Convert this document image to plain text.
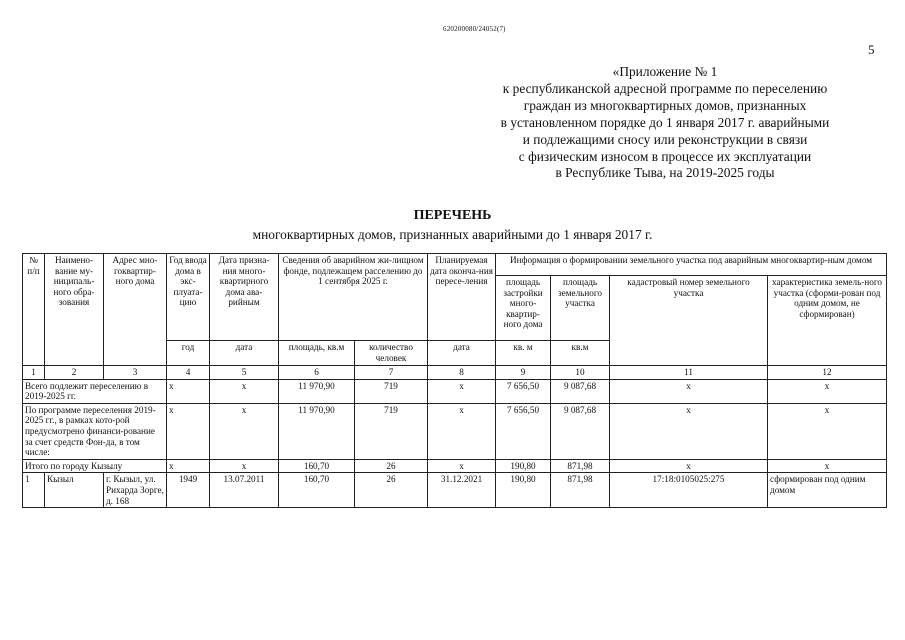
620200080/24052(7)
5
«Приложение № 1
к республиканской адресной программе по переселению
граждан из многоквартирных домов, признанных
в установленном порядке до 1 января 2017 г. аварийными
и подлежащими сносу или реконструкции в связи
с физическим износом в процессе их эксплуатации
в Республике Тыва, на 2019-2025 годы
ПЕРЕЧЕНЬ
многоквартирных домов, признанных аварийными до 1 января 2017 г.
№ п/п	Наимено-вание му-ниципаль-ного обра-зования	Адрес мно-гоквартир-ного дома	Год ввода дома в экс-плуата-цию	Дата призна-ния много-квартирного дома ава-рийным	Сведения об аварийном жи-лищном фонде, подлежащем расселению до 1 сентября 2025 г.		Планируемая дата оконча-ния пересе-ления	Информация о формировании земельного участка под аварийным многоквартир-ным домом			
								площадь застройки много-квартир-ного дома	площадь земельного участка	кадастровый номер земельного участка	характеристика земель-ного участка (сформи-рован под одним домом, не сформирован)
			год	дата	площадь, кв.м	количество человек	дата	кв. м	кв.м		
1	2	3	4	5	6	7	8	9	10	11	12
Всего подлежит переселению в 2019-2025 гг.			х	х	11 970,90	719	х	7 656,50	9 087,68	х	х

По программе переселения 2019-2025 гг., в рамках кото-рой предусмотрено финанси-рование за счет средств Фон-да, в том числе:			х	х	11 970,90	719	х	7 656,50	9 087,68	х	х
Итого по городу Кызылу			х	х	160,70	26	х	190,80	871,98	х	х
1	Кызыл	г. Кызыл, ул. Рихарда Зорге, д. 168	1949	13.07.2011	160,70	26	31.12.2021	190,80	871,98	17:18:0105025:275	сформирован под одним домом
